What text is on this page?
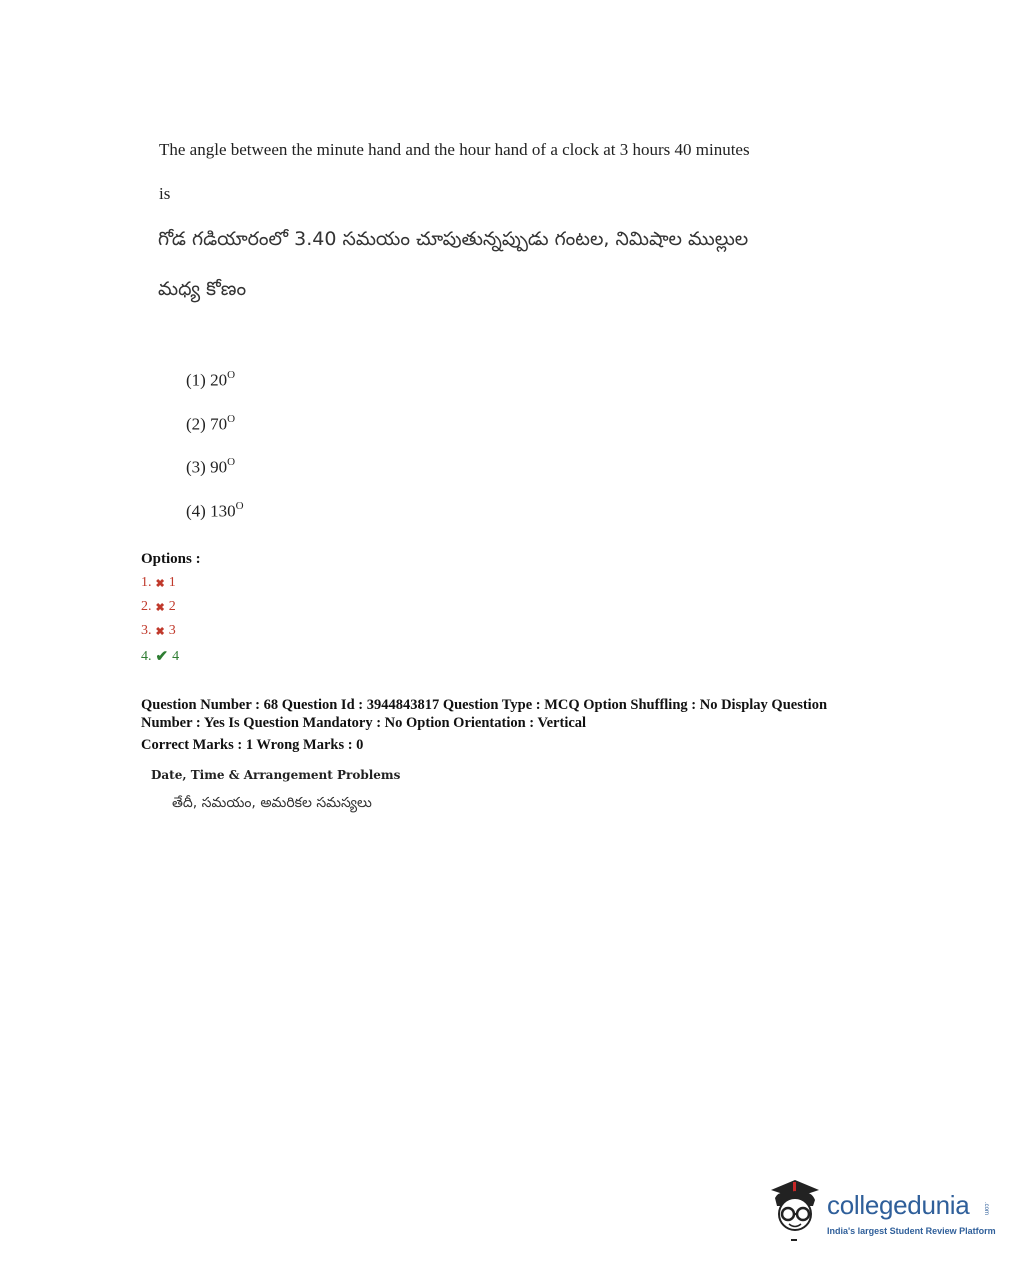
The angle between the minute hand and the hour hand of a clock at 3 hours 40 minutes
is
గోడ గడియారంలో 3.40 సమయం చూపుతున్నప్పుడు గంటల, నిమిషాల ముల్లుల
మధ్య కోణం
(1) $20^O$
(2) $70^O$
(3) $90^O$
(4) $130^O$
Options :
1. ✖ 1
2. ✖ 2
3. ✖ 3
4. ✔ 4
Question Number : 68 Question Id : 3944843817 Question Type : MCQ Option Shuffling : No Display Question
Number : Yes Is Question Mandatory : No Option Orientation : Vertical
Correct Marks : 1 Wrong Marks : 0
Date, Time & Arrangement Problems
తేదీ, సమయం, అమరికల సమస్యలు
collegedunia .com
India's largest Student Review Platform
